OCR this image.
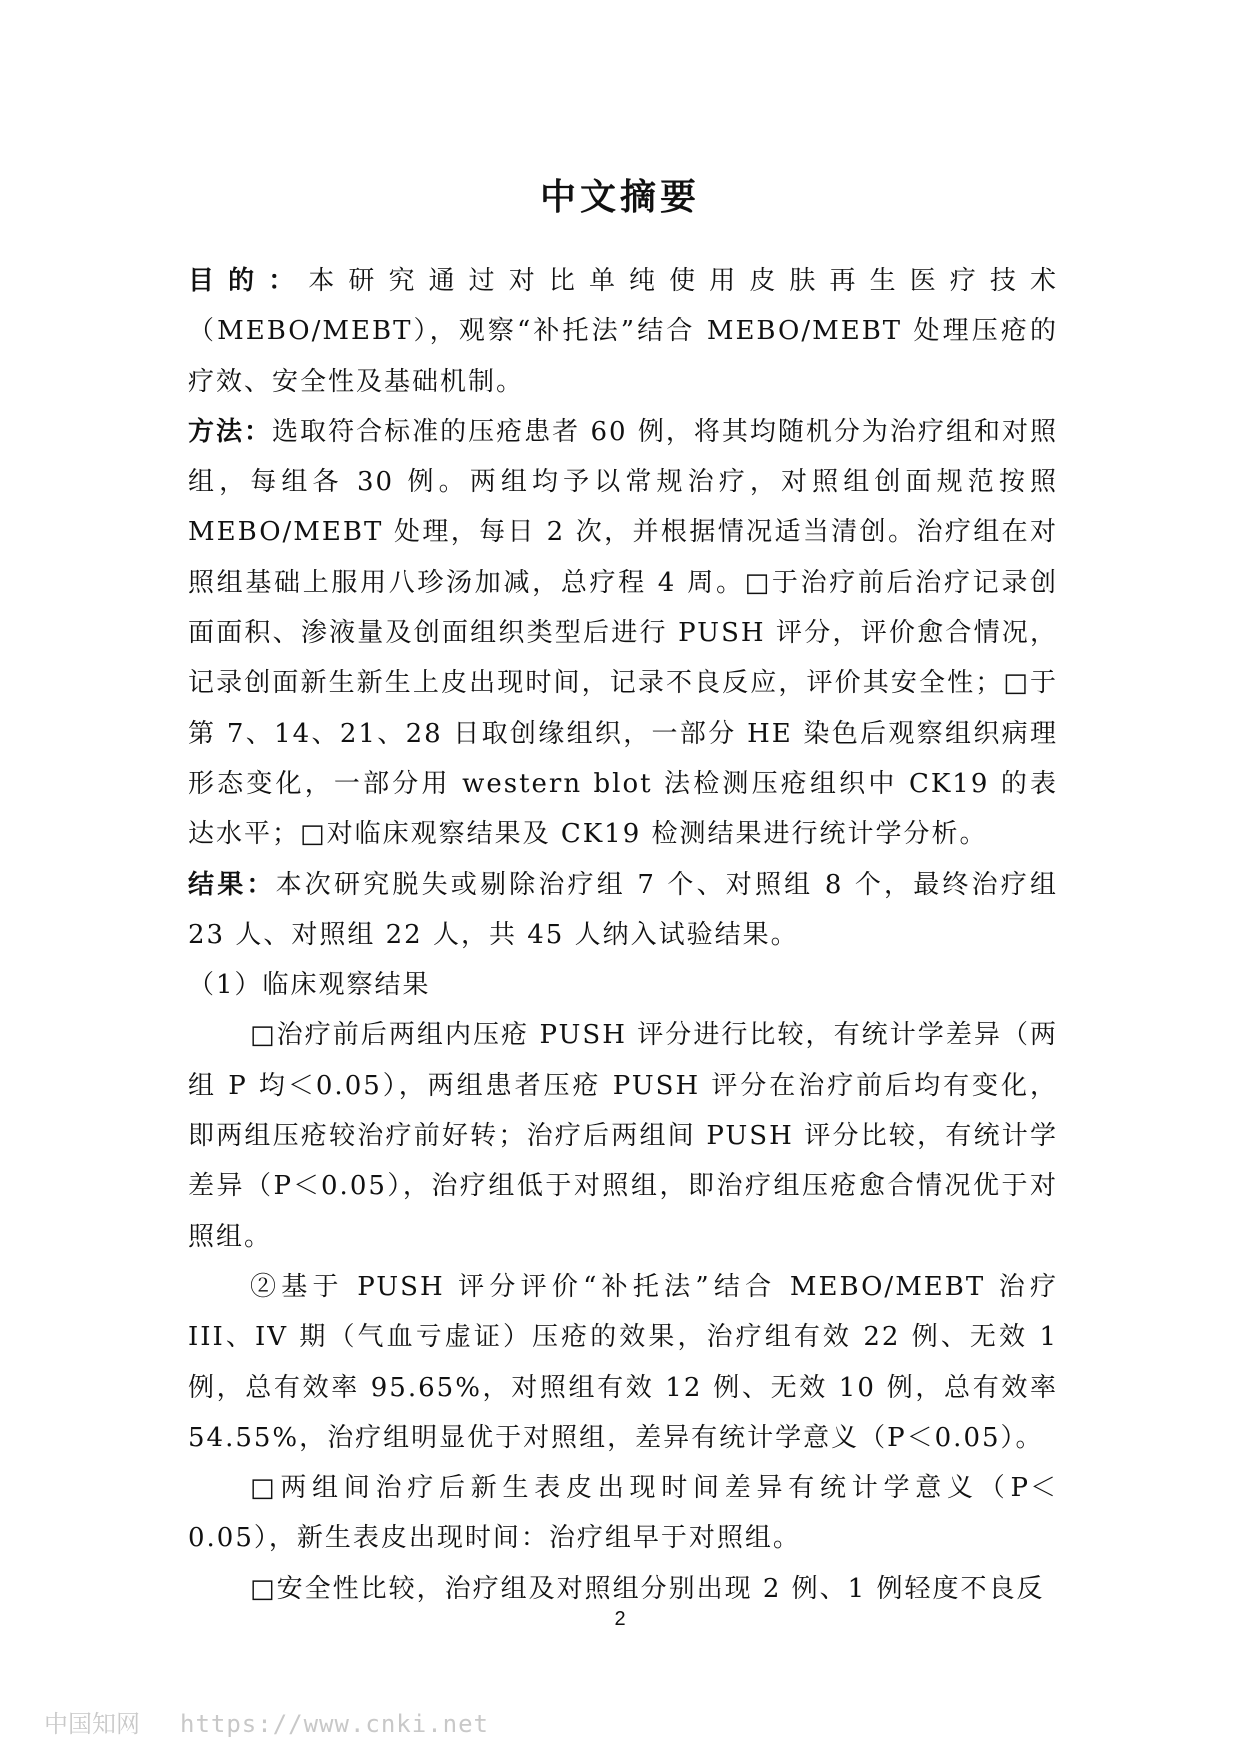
中文摘要

目的：本研究通过对比单纯使用皮肤再生医疗技术（MEBO/MEBT），观察“补托法”结合 MEBO/MEBT 处理压疮的疗效、安全性及基础机制。

方法：选取符合标准的压疮患者 60 例，将其均随机分为治疗组和对照组，每组各 30 例。两组均予以常规治疗，对照组创面规范按照 MEBO/MEBT 处理，每日 2 次，并根据情况适当清创。治疗组在对照组基础上服用八珍汤加减，总疗程 4 周。□于治疗前后治疗记录创面面积、渗液量及创面组织类型后进行 PUSH 评分，评价愈合情况，记录创面新生新生上皮出现时间，记录不良反应，评价其安全性；□于第 7、14、21、28 日取创缘组织，一部分 HE 染色后观察组织病理形态变化，一部分用 western blot 法检测压疮组织中 CK19 的表达水平；□对临床观察结果及 CK19 检测结果进行统计学分析。

结果：本次研究脱失或剔除治疗组 7 个、对照组 8 个，最终治疗组 23 人、对照组 22 人，共 45 人纳入试验结果。

（1）临床观察结果

□治疗前后两组内压疮 PUSH 评分进行比较，有统计学差异（两组 P 均＜0.05），两组患者压疮 PUSH 评分在治疗前后均有变化，即两组压疮较治疗前好转；治疗后两组间 PUSH 评分比较，有统计学差异（P＜0.05），治疗组低于对照组，即治疗组压疮愈合情况优于对照组。

②基于 PUSH 评分评价“补托法”结合 MEBO/MEBT 治疗 III、IV 期（气血亏虚证）压疮的效果，治疗组有效 22 例、无效 1 例，总有效率 95.65%，对照组有效 12 例、无效 10 例，总有效率 54.55%，治疗组明显优于对照组，差异有统计学意义（P＜0.05）。

□两组间治疗后新生表皮出现时间差异有统计学意义（P＜0.05），新生表皮出现时间：治疗组早于对照组。

□安全性比较，治疗组及对照组分别出现 2 例、1 例轻度不良反

2
中国知网 https://www.cnki.net
